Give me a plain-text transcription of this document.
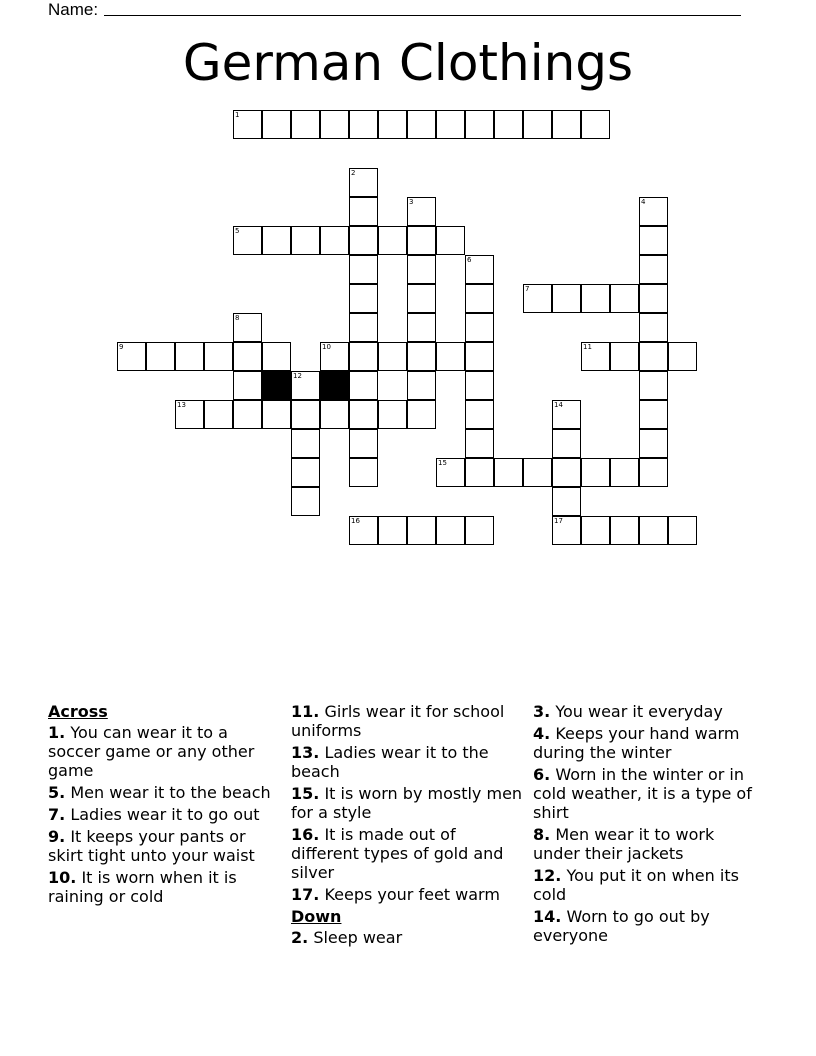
Name:
German Clothings
1
2
3	4
5
6
7
8
9	10	11
12
13	14
17
15
16
Across
1. You can wear it to a soccer game or any other game
5. Men wear it to the beach
7. Ladies wear it to go out
9. It keeps your pants or skirt tight unto your waist
10. It is worn when it is raining or cold
11. Girls wear it for school uniforms
13. Ladies wear it to the beach
15. It is worn by mostly men for a style
16. It is made out of different types of gold and silver
17. Keeps your feet warm
Down
2. Sleep wear
3. You wear it everyday
4. Keeps your hand warm during the winter
6. Worn in the winter or in cold weather, it is a type of shirt
8. Men wear it to work under their jackets
12. You put it on when its cold
14. Worn to go out by everyone
